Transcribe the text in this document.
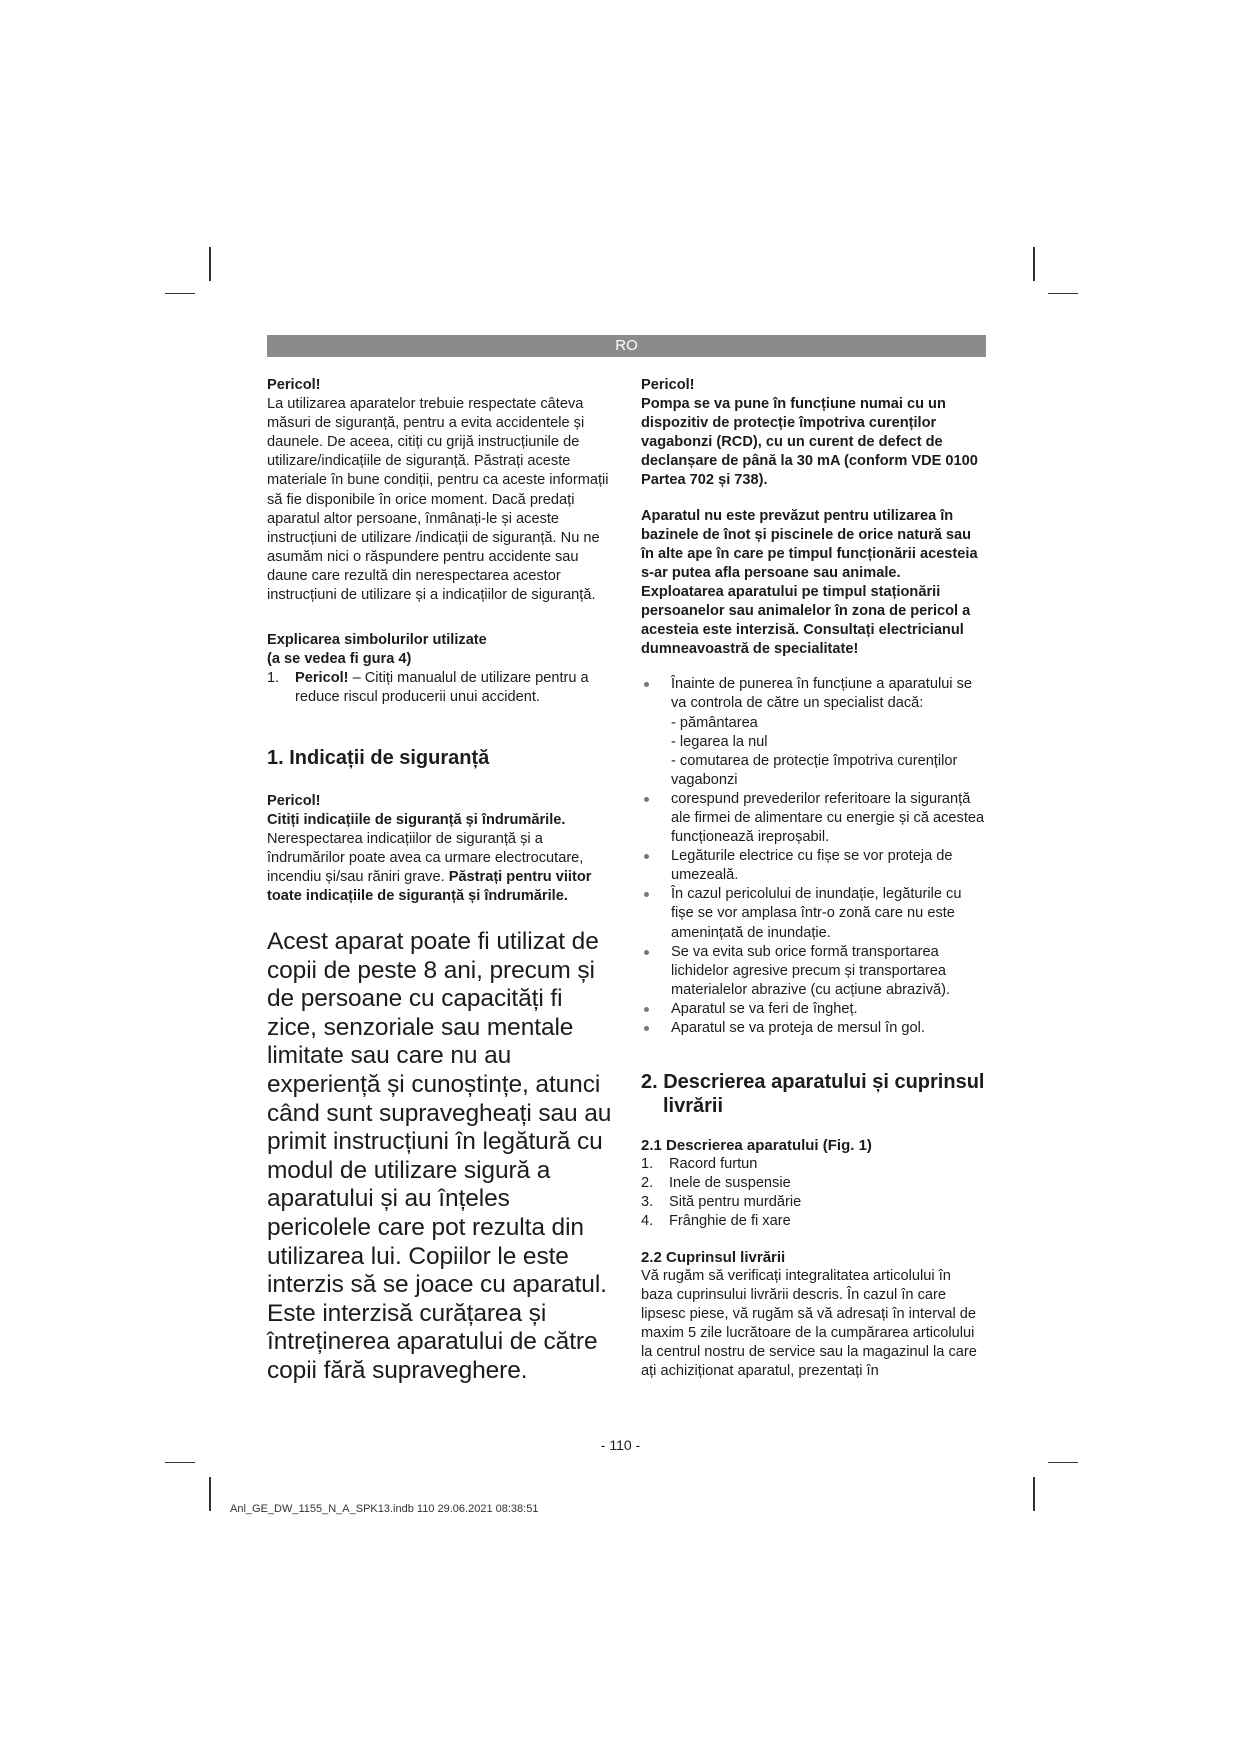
RO

Pericol!

La utilizarea aparatelor trebuie respectate câteva măsuri de siguranță, pentru a evita accidentele și daunele. De aceea, citiți cu grijă instrucțiunile de utilizare/indicațiile de siguranță. Păstrați aceste materiale în bune condiții, pentru ca aceste informații să fie disponibile în orice moment. Dacă predați aparatul altor persoane, înmânați-le și aceste instrucțiuni de utilizare /indicații de siguranță. Nu ne asumăm nici o răspundere pentru accidente sau daune care rezultă din nerespectarea acestor instrucțiuni de utilizare și a indicațiilor de siguranță.

Explicarea simbolurilor utilizate

(a se vedea fi gura 4)

1. Pericol! – Citiți manualul de utilizare pentru a reduce riscul producerii unui accident.

1. Indicații de siguranță

Pericol!

Citiți indicațiile de siguranță și îndrumările. Nerespectarea indicațiilor de siguranță și a îndrumărilor poate avea ca urmare electrocutare, incendiu și/sau răniri grave. Păstrați pentru viitor toate indicațiile de siguranță și îndrumările.

Acest aparat poate fi utilizat de copii de peste 8 ani, precum și de persoane cu capacități fi zice, senzoriale sau mentale limitate sau care nu au experiență și cunoștințe, atunci când sunt supravegheați sau au primit instrucțiuni în legătură cu modul de utilizare sigură a aparatului și au înțeles pericolele care pot rezulta din utilizarea lui. Copiilor le este interzis să se joace cu aparatul. Este interzisă curățarea și întreținerea aparatului de către copii fără supraveghere.

Pericol!

Pompa se va pune în funcțiune numai cu un dispozitiv de protecție împotriva curenților vagabonzi (RCD), cu un curent de defect de declanșare de până la 30 mA (conform VDE 0100 Partea 702 și 738).

Aparatul nu este prevăzut pentru utilizarea în bazinele de înot și piscinele de orice natură sau în alte ape în care pe timpul funcționării acesteia s-ar putea afla persoane sau animale. Exploatarea aparatului pe timpul staționării persoanelor sau animalelor în zona de pericol a acesteia este interzisă. Consultați electricianul dumneavoastră de specialitate!

Înainte de punerea în funcțiune a aparatului se va controla de către un specialist dacă:
- pământarea
- legarea la nul
- comutarea de protecție împotriva curenților vagabonzi
corespund prevederilor referitoare la siguranță ale firmei de alimentare cu energie și că acestea funcționează ireproșabil.
Legăturile electrice cu fișe se vor proteja de umezeală.
În cazul pericolului de inundație, legăturile cu fișe se vor amplasa într-o zonă care nu este amenințată de inundație.
Se va evita sub orice formă transportarea lichidelor agresive precum și transportarea materialelor abrazive (cu acțiune abrazivă).
Aparatul se va feri de îngheț.
Aparatul se va proteja de mersul în gol.

2. Descrierea aparatului și cuprinsul livrării

2.1 Descrierea aparatului (Fig. 1)

1. Racord furtun
2. Inele de suspensie
3. Sită pentru murdărie
4. Frânghie de fi xare

2.2 Cuprinsul livrării

Vă rugăm să verificați integralitatea articolului în baza cuprinsului livrării descris. În cazul în care lipsesc piese, vă rugăm să vă adresați în interval de maxim 5 zile lucrătoare de la cumpărarea articolului la centrul nostru de service sau la magazinul la care ați achiziționat aparatul, prezentați în

- 110 -
Anl_GE_DW_1155_N_A_SPK13.indb 110 29.06.2021 08:38:51
